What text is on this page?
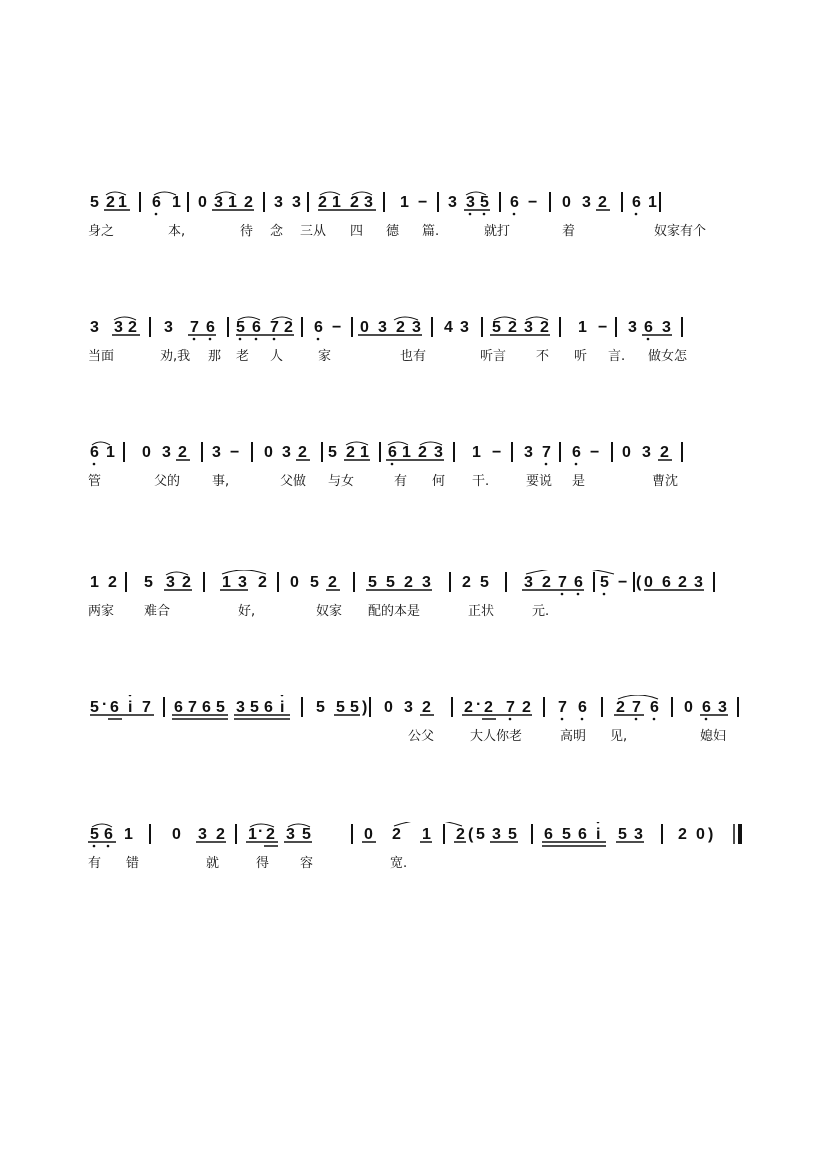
5 2 1 6 1 0 3 1 2 3 3 2 1 2 3 1 − 3 3 5 6 − 0 3 2 6 1
身之	本,	待 念 三从 四 德 篇.	就打	着	奴家有个
3 3 2 3 7 6 5 6 7 2 6 − 0 3 2 3 4 3 5 2 3 2 1 − 3 6 3
当面	劝,我 那 老 人	家	也有	听言 不 听 言. 做女怎
6 1 0 3 2 3 − 0 3 2 5 2 1 6 1 2 3 1 − 3 7 6 − 0 3 2
管	父的 事,	父做 与女	有 何 干.	要说 是	曹沈
1 2 5 3 2 1 3 2 0 5 2 5 5 2 3 2 5 3 2 7 6 5 − ( 0 6 2 3
两家 难合	好,	奴家 配的本是	正状	元.
5 · 6 i 7 6 7 6 5 3 5 6 i 5 5 5 ) 0 3 2 2 · 2 7 2 7 6 2 7 6 0 6 3
公父	大人你老	高明 见,	媳妇
5 6 1 0 3 2 1 · 2 3 5	0 2 1 2 ( 5 3 5 6 5 6 i 5 3 2 0 )
有 错	就	得 容	宽.
